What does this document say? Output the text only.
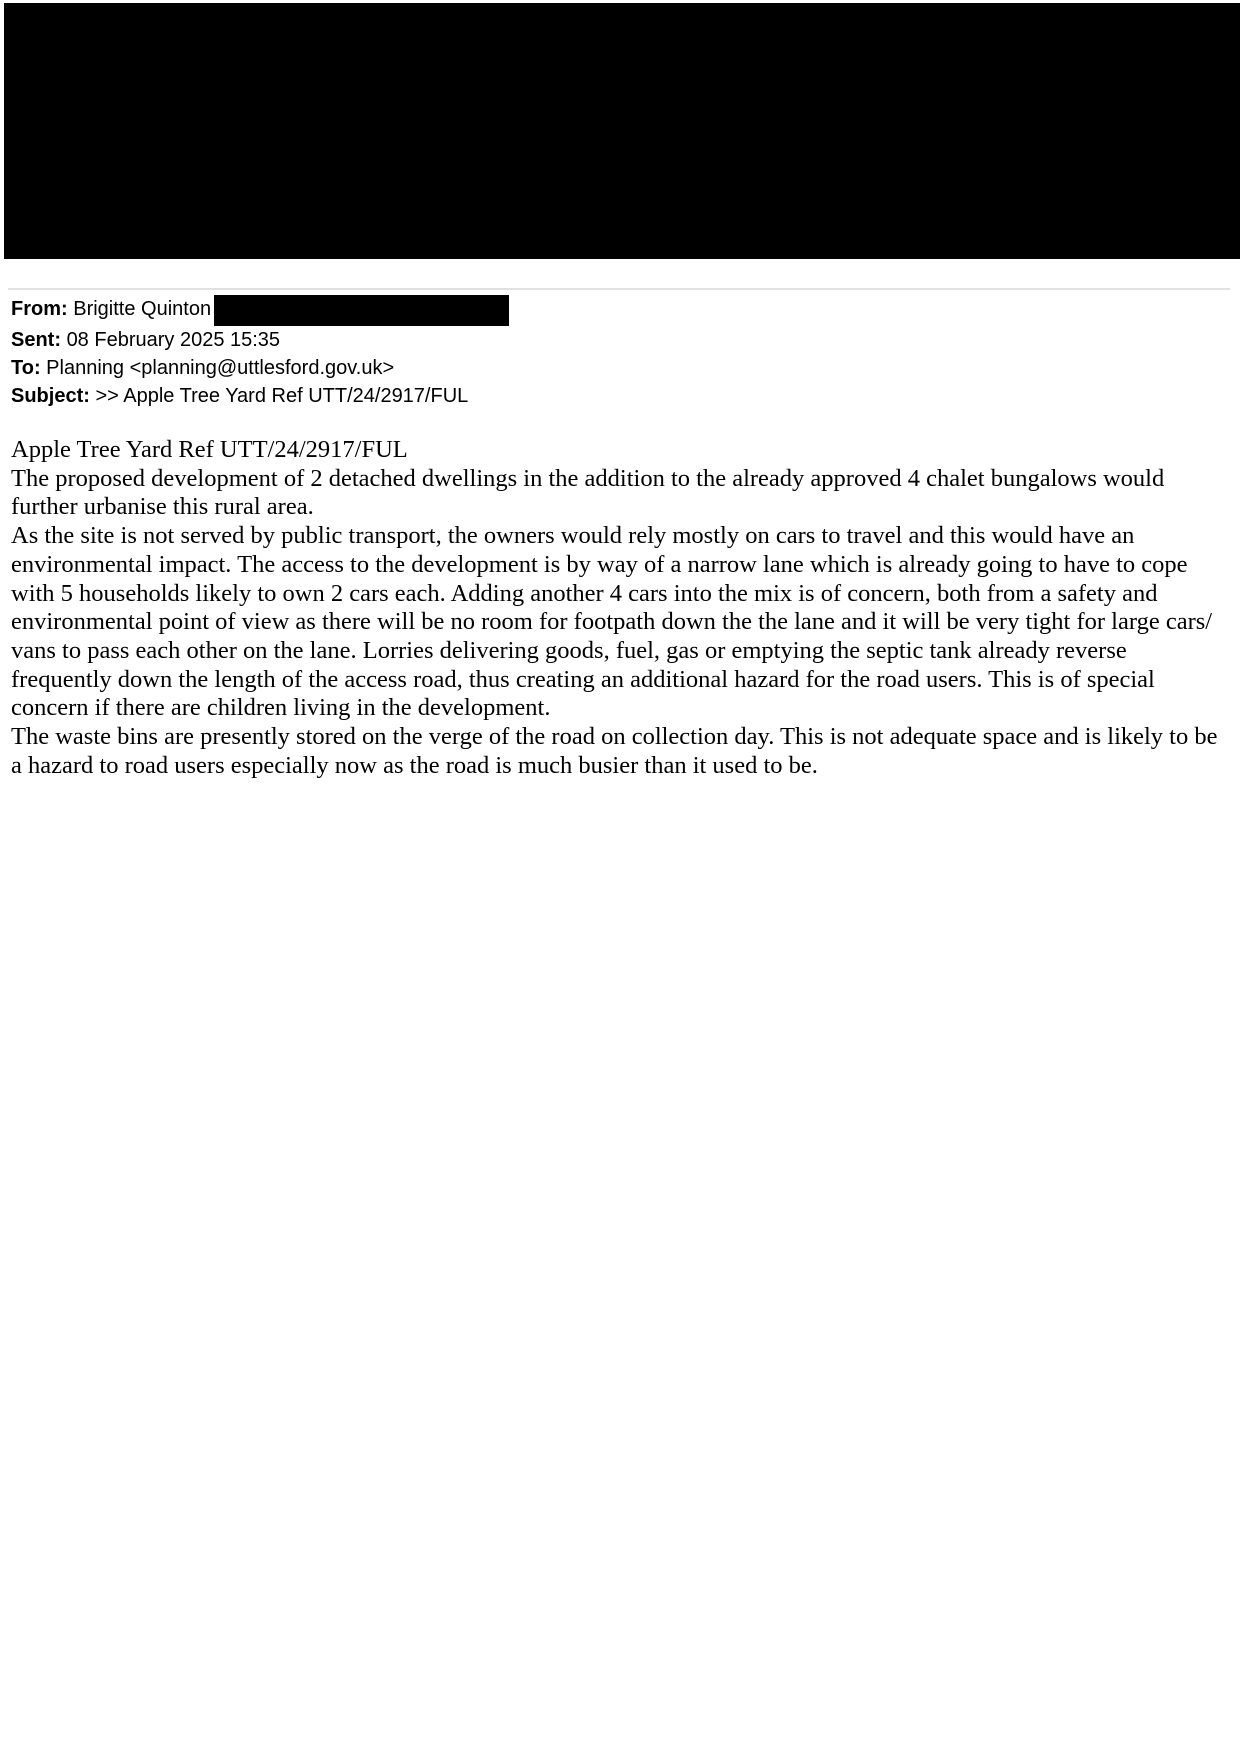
From: Brigitte Quinton
Sent: 08 February 2025 15:35
To: Planning <planning@uttlesford.gov.uk>
Subject: >> Apple Tree Yard Ref UTT/24/2917/FUL

Apple Tree Yard Ref UTT/24/2917/FUL

The proposed development of 2 detached dwellings in the addition to the already approved 4 chalet bungalows would further urbanise this rural area.

As the site is not served by public transport, the owners would rely mostly on cars to travel and this would have an environmental impact. The access to the development is by way of a narrow lane which is already going to have to cope with 5 households likely to own 2 cars each. Adding another 4 cars into the mix is of concern, both from a safety and environmental point of view as there will be no room for footpath down the the lane and it will be very tight for large cars/ vans to pass each other on the lane. Lorries delivering goods, fuel, gas or emptying the septic tank already reverse frequently down the length of the access road, thus creating an additional hazard for the road users. This is of special concern if there are children living in the development.

The waste bins are presently stored on the verge of the road on collection day. This is not adequate space and is likely to be a hazard to road users especially now as the road is much busier than it used to be.
